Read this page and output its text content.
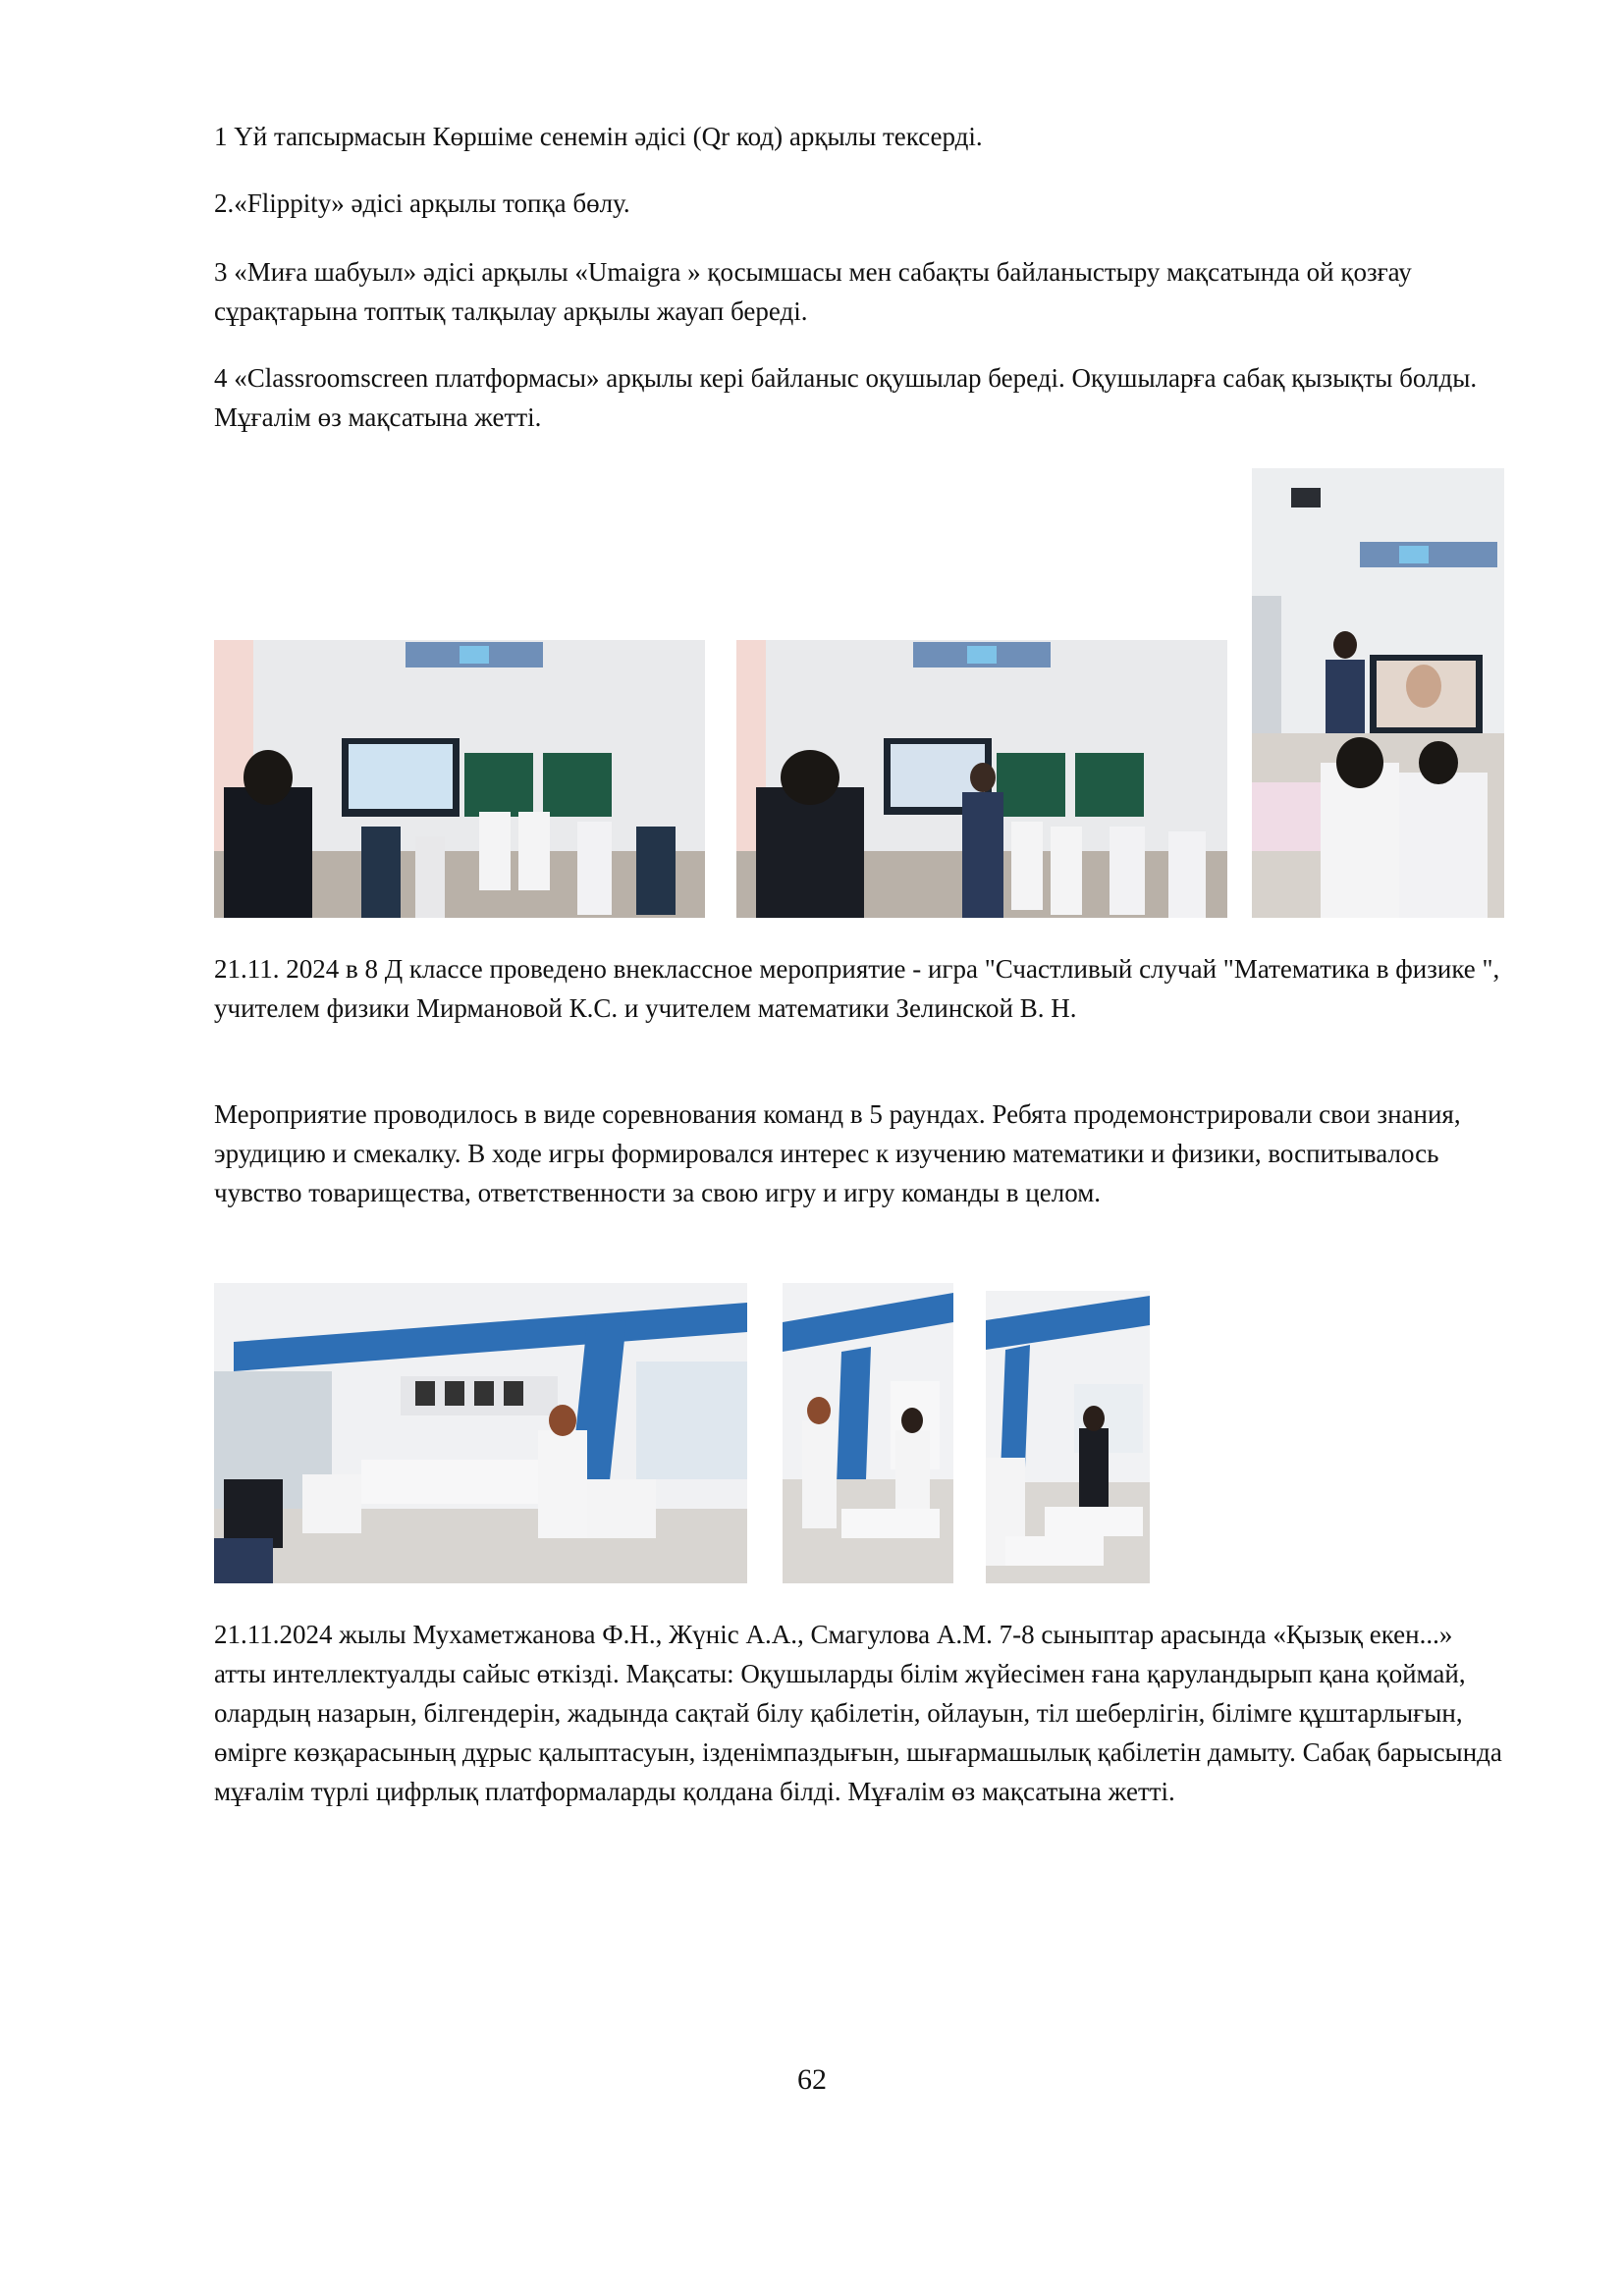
1 Үй тапсырмасын Көршіме сенемін әдісі (Qr код) арқылы тексерді.

2.«Flippity» әдісі арқылы топқа бөлу.

3 «Миға шабуыл» әдісі арқылы «Umaigra » қосымшасы мен сабақты байланыстыру мақсатында ой қозғау сұрақтарына топтық талқылау арқылы жауап береді.

4 «Classroomscreen платформасы» арқылы кері байланыс оқушылар береді. Оқушыларға сабақ қызықты болды. Мұғалім өз мақсатына жетті.

21.11. 2024 в 8 Д классе проведено внеклассное мероприятие - игра "Счастливый случай "Математика в физике ", учителем физики Мирмановой К.С. и учителем математики Зелинской В. Н.

Мероприятие проводилось в виде соревнования команд в 5 раундах. Ребята продемонстрировали свои знания, эрудицию и смекалку. В ходе игры формировался интерес к изучению математики и физики, воспитывалось чувство товарищества, ответственности за свою игру и игру команды в целом.

21.11.2024 жылы Мухаметжанова Ф.Н., Жүніс А.А., Смагулова А.М. 7-8 сыныптар арасында «Қызық екен...» атты интеллектуалды сайыс өткізді. Мақсаты: Оқушыларды білім жүйесімен ғана қаруландырып қана қоймай, олардың назарын, білгендерін, жадында сақтай білу қабілетін, ойлауын, тіл шеберлігін, білімге құштарлығын, өмірге көзқарасының дұрыс қалыптасуын, ізденімпаздығын, шығармашылық қабілетін дамыту. Сабақ барысында мұғалім түрлі цифрлық платформаларды қолдана білді. Мұғалім өз мақсатына жетті.

62
